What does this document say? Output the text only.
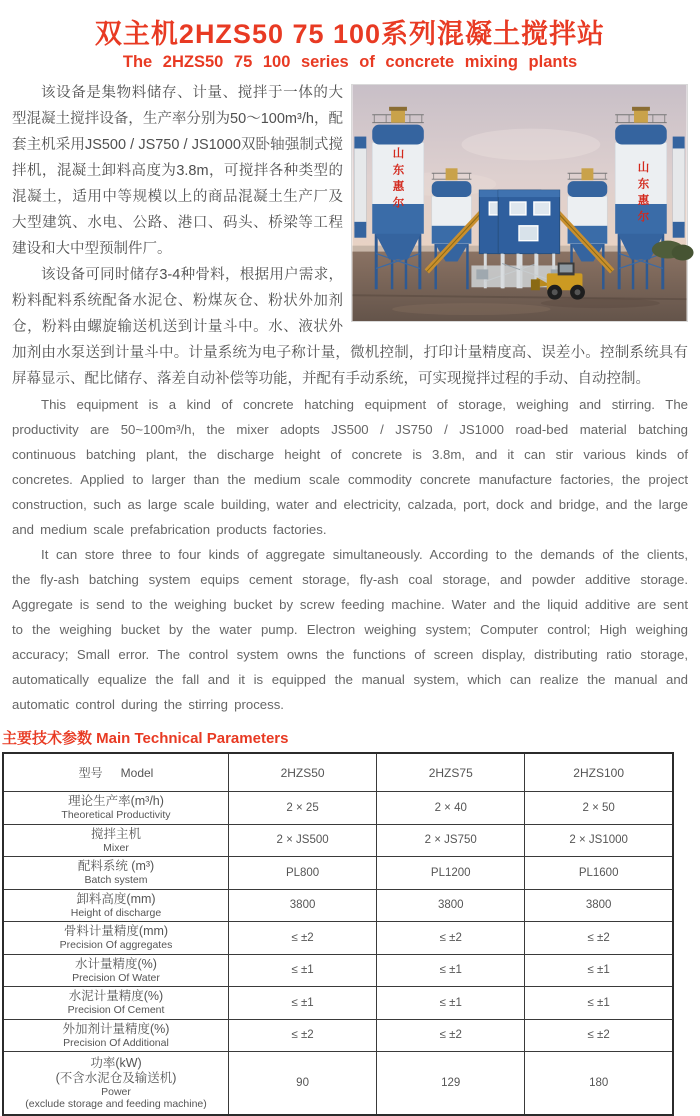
双主机2HZS50 75 100系列混凝土搅拌站
The 2HZS50 75 100 series of concrete mixing plants
山东惠尔	山东惠尔

该设备是集物料储存、计量、搅拌于一体的大型混凝土搅拌设备，生产率分别为50～100m³/h，配套主机采用JS500 / JS750 / JS1000双卧轴强制式搅拌机，混凝土卸料高度为3.8m，可搅拌各种类型的混凝土，适用中等规模以上的商品混凝土生产厂及大型建筑、水电、公路、港口、码头、桥梁等工程建设和大中型预制件厂。

该设备可同时储存3-4种骨料，根据用户需求，粉料配料系统配备水泥仓、粉煤灰仓、粉状外加剂仓，粉料由螺旋输送机送到计量斗中。水、液状外加剂由水泵送到计量斗中。计量系统为电子称计量，微机控制，打印计量精度高、误差小。控制系统具有屏幕显示、配比储存、落差自动补偿等功能，并配有手动系统，可实现搅拌过程的手动、自动控制。

This equipment is a kind of concrete hatching equipment of storage, weighing and stirring. The productivity are 50~100m³/h, the mixer adopts JS500 / JS750 / JS1000 road-bed material batching continuous batching plant, the discharge height of concrete is 3.8m, and it can stir various kinds of concretes. Applied to larger than the medium scale commodity concrete manufacture factories, the project construction, such as large scale building, water and electricity, calzada, port, dock and bridge, and the large and medium scale prefabrication products factories.

It can store three to four kinds of aggregate simultaneously. According to the demands of the clients, the fly-ash batching system equips cement storage, fly-ash coal storage, and powder additive storage. Aggregate is send to the weighing bucket by screw feeding machine. Water and the liquid additive are sent to the weighing bucket by the water pump. Electron weighing system; Computer control; High weighing accuracy; Small error. The control system owns the functions of screen display, distributing ratio storage, automatically equalize the fall and it is equipped the manual system, which can realize the manual and automatic control during the stirring process.

主要技术参数 Main Technical Parameters
型号 Model	2HZS50	2HZS75	2HZS100

理论生产率(m³/h)
Theoretical Productivity	2 × 25	2 × 40	2 × 50

搅拌主机
Mixer	2 × JS500	2 × JS750	2 × JS1000

配料系统 (m³)
Batch system	PL800	PL1200	PL1600

卸料高度(mm)
Height of discharge	3800	3800	3800

骨料计量精度(mm)
Precision Of aggregates	≤ ±2	≤ ±2	≤ ±2

水计量精度(%)
Precision Of Water	≤ ±1	≤ ±1	≤ ±1

水泥计量精度(%)
Precision Of Cement	≤ ±1	≤ ±1	≤ ±1

外加剂计量精度(%)
Precision Of Additional	≤ ±2	≤ ±2	≤ ±2

功率(kW)
(不含水泥仓及输送机)
Power
(exclude storage and feeding machine)	90	129	180
